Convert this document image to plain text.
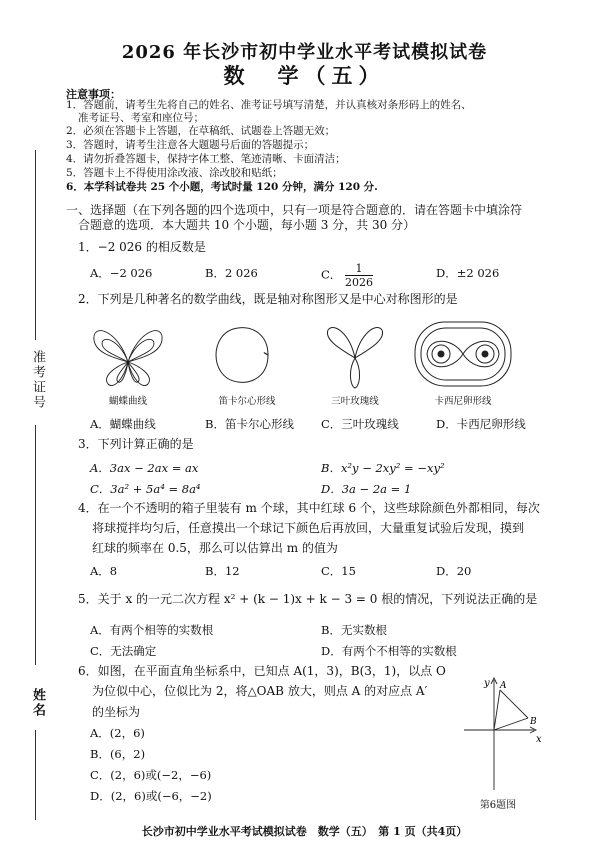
2026 年长沙市初中学业水平考试模拟试卷
数　学（五）
准考证号
姓名
注意事项：
1．答题前，请考生先将自己的姓名、准考证号填写清楚，并认真核对条形码上的姓名、
准考证号、考室和座位号；
2．必须在答题卡上答题，在草稿纸、试题卷上答题无效；
3．答题时，请考生注意各大题题号后面的答题提示；
4．请勿折叠答题卡，保持字体工整、笔迹清晰、卡面清洁；
5．答题卡上不得使用涂改液、涂改胶和贴纸；
6．本学科试卷共 25 个小题，考试时量 120 分钟，满分 120 分.
一、选择题（在下列各题的四个选项中，只有一项是符合题意的．请在答题卡中填涂符
合题意的选项．本大题共 10 个小题，每小题 3 分，共 30 分）
1．−2 026 的相反数是
A．−2 026	B．2 026	C． $\frac{1}{2026}$	D．±2 026
2．下列是几种著名的数学曲线，既是轴对称图形又是中心对称图形的是
蝴蝶曲线	笛卡尔心形线	三叶玫瑰线	卡西尼卵形线
A．蝴蝶曲线	B．笛卡尔心形线 C．三叶玫瑰线	D．卡西尼卵形线
3．下列计算正确的是
A．3ax − 2ax = ax	B．x²y − 2xy² = −xy²
C．3a² + 5a⁴ = 8a⁴	D．3a − 2a = 1
4．在一个不透明的箱子里装有 m 个球，其中红球 6 个，这些球除颜色外都相同，每次
将球搅拌均匀后，任意摸出一个球记下颜色后再放回，大量重复试验后发现，摸到
红球的频率在 0.5，那么可以估算出 m 的值为
A．8	B．12	C．15	D．20
5．关于 x 的一元二次方程 x² + (k − 1)x + k − 3 = 0 根的情况，下列说法正确的是
A．有两个相等的实数根	B．无实数根
C．无法确定	D．有两个不相等的实数根
6．如图，在平面直角坐标系中，已知点 A(1，3)，B(3，1)，以点 O
为位似中心，位似比为 2，将△OAB 放大，则点 A 的对应点 A′
的坐标为
A．(2，6)
B．(6，2)
C．(2，6)或(−2，−6)
D．(2，6)或(−6，−2)
y
x
A
B
第6题图
长沙市初中学业水平考试模拟试卷　数学（五）　第 1 页（共4页）
